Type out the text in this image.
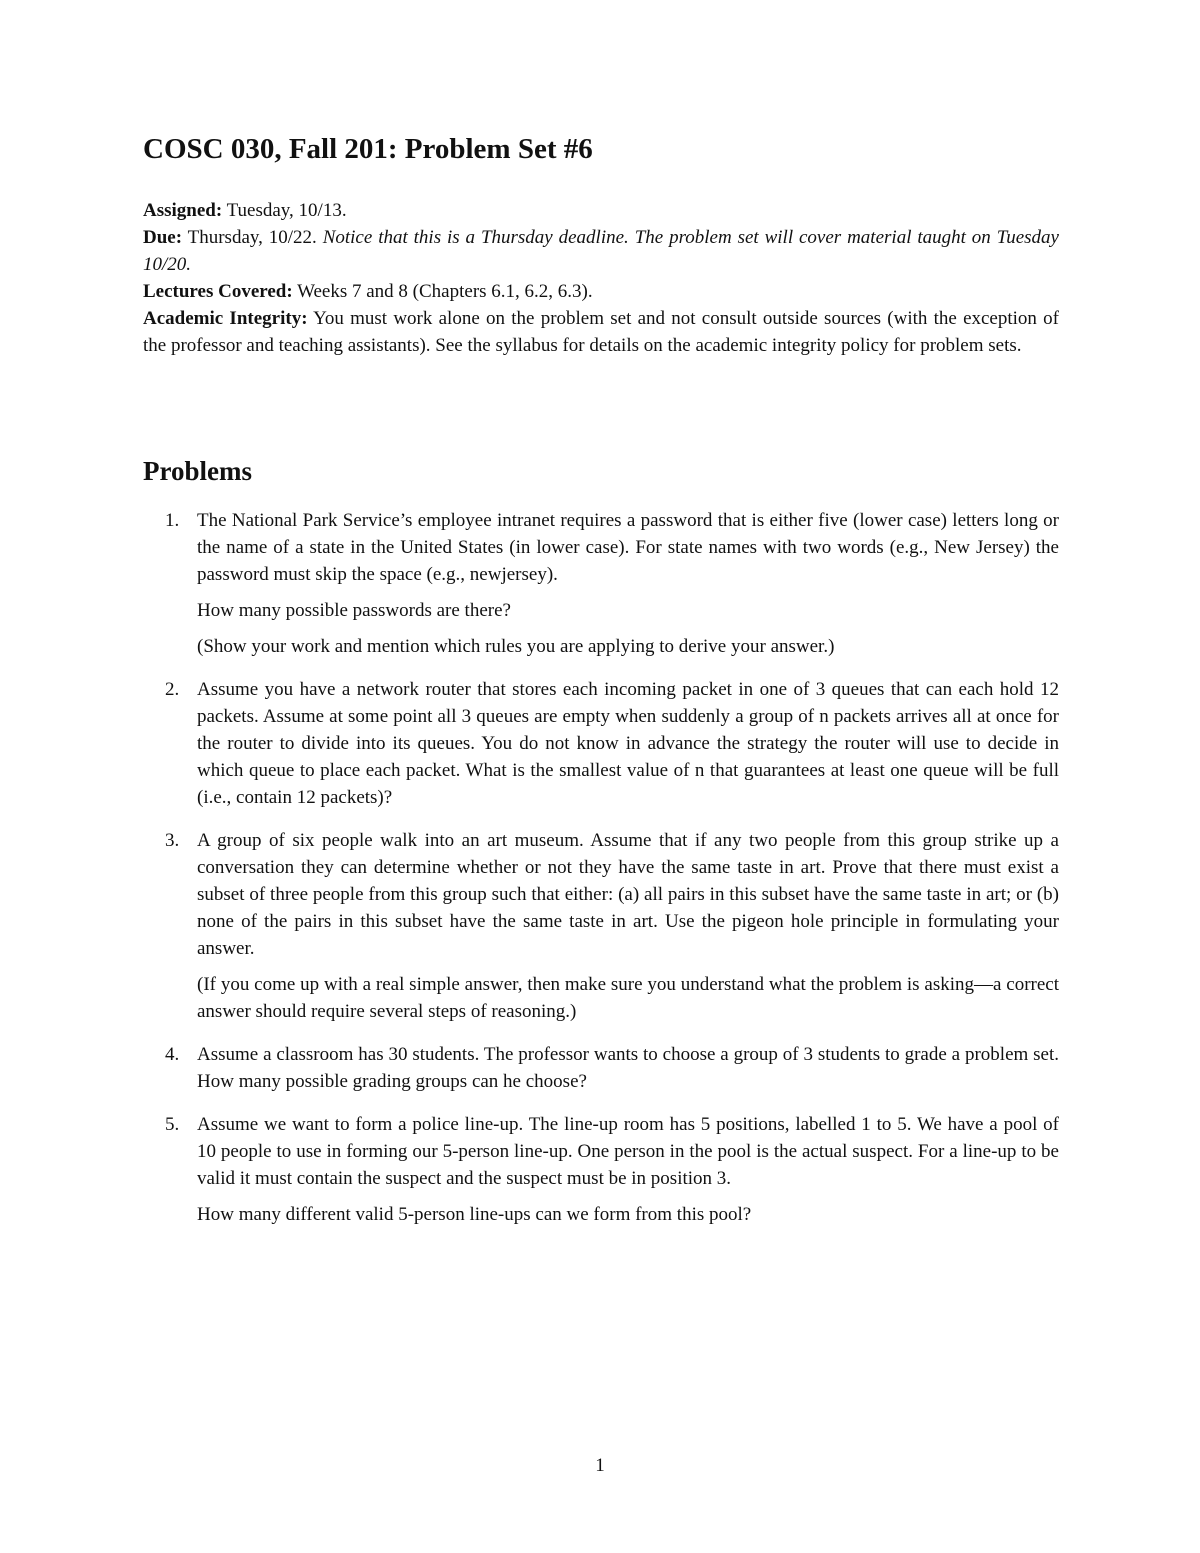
COSC 030, Fall 201: Problem Set #6

Assigned: Tuesday, 10/13.

Due: Thursday, 10/22. Notice that this is a Thursday deadline. The problem set will cover material taught on Tuesday 10/20.

Lectures Covered: Weeks 7 and 8 (Chapters 6.1, 6.2, 6.3).

Academic Integrity: You must work alone on the problem set and not consult outside sources (with the exception of the professor and teaching assistants). See the syllabus for details on the academic integrity policy for problem sets.

Problems
1. The National Park Service’s employee intranet requires a password that is either five (lower case) letters long or the name of a state in the United States (in lower case). For state names with two words (e.g., New Jersey) the password must skip the space (e.g., newjersey).

How many possible passwords are there?

(Show your work and mention which rules you are applying to derive your answer.)

2. Assume you have a network router that stores each incoming packet in one of 3 queues that can each hold 12 packets. Assume at some point all 3 queues are empty when suddenly a group of n packets arrives all at once for the router to divide into its queues. You do not know in advance the strategy the router will use to decide in which queue to place each packet. What is the smallest value of n that guarantees at least one queue will be full (i.e., contain 12 packets)?

3. A group of six people walk into an art museum. Assume that if any two people from this group strike up a conversation they can determine whether or not they have the same taste in art. Prove that there must exist a subset of three people from this group such that either: (a) all pairs in this subset have the same taste in art; or (b) none of the pairs in this subset have the same taste in art. Use the pigeon hole principle in formulating your answer.

(If you come up with a real simple answer, then make sure you understand what the problem is asking—a correct answer should require several steps of reasoning.)

4. Assume a classroom has 30 students. The professor wants to choose a group of 3 students to grade a problem set. How many possible grading groups can he choose?

5. Assume we want to form a police line-up. The line-up room has 5 positions, labelled 1 to 5. We have a pool of 10 people to use in forming our 5-person line-up. One person in the pool is the actual suspect. For a line-up to be valid it must contain the suspect and the suspect must be in position 3.

How many different valid 5-person line-ups can we form from this pool?

1
